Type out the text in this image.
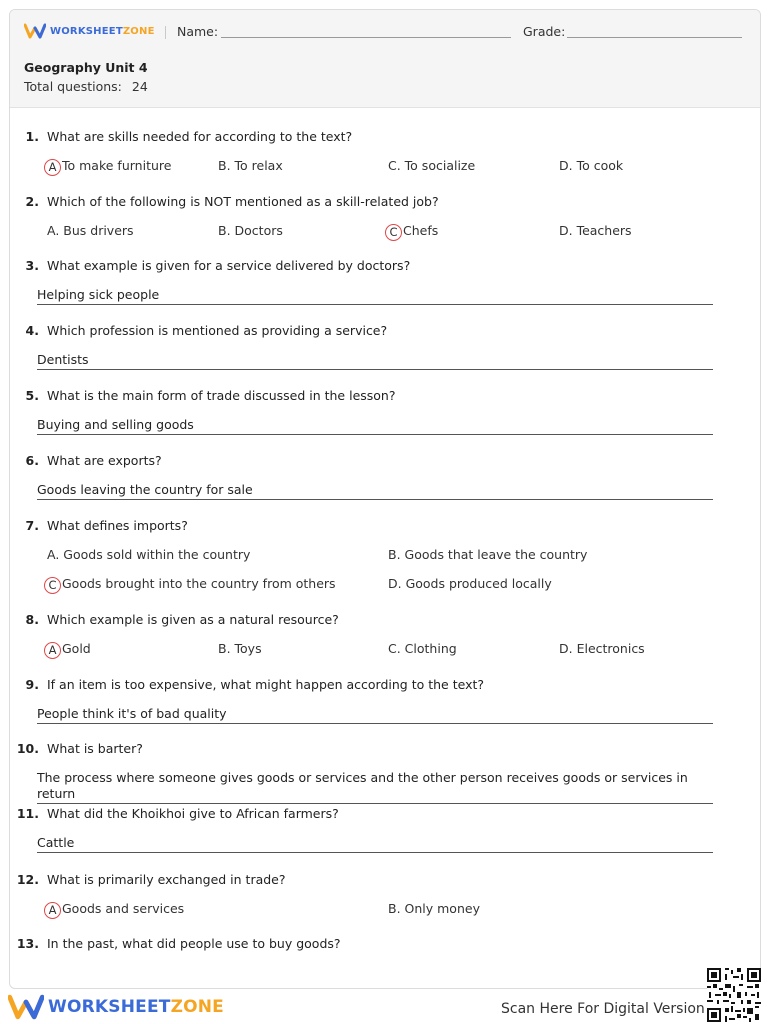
WORKSHEET ZONE Name:	Grade:
Geography Unit 4
Total questions: 24
1. What are skills needed for according to the text?
A To make furniture	B. To relax	C. To socialize	D. To cook
2. Which of the following is NOT mentioned as a skill-related job?
A. Bus drivers	B. Doctors	C Chefs	D. Teachers
3. What example is given for a service delivered by doctors?
Helping sick people
4. Which profession is mentioned as providing a service?
Dentists
5. What is the main form of trade discussed in the lesson?
Buying and selling goods
6. What are exports?
Goods leaving the country for sale
7. What defines imports?
A. Goods sold within the country	B. Goods that leave the country
C Goods brought into the country from others	D. Goods produced locally
8. Which example is given as a natural resource?
A Gold	B. Toys	C. Clothing	D. Electronics
9. If an item is too expensive, what might happen according to the text?
People think it's of bad quality
10. What is barter?
The process where someone gives goods or services and the other person receives goods or services in return
11. What did the Khoikhoi give to African farmers?
Cattle
12. What is primarily exchanged in trade?
A Goods and services	B. Only money
13. In the past, what did people use to buy goods?
WORKSHEET ZONE	Scan Here For Digital Version
